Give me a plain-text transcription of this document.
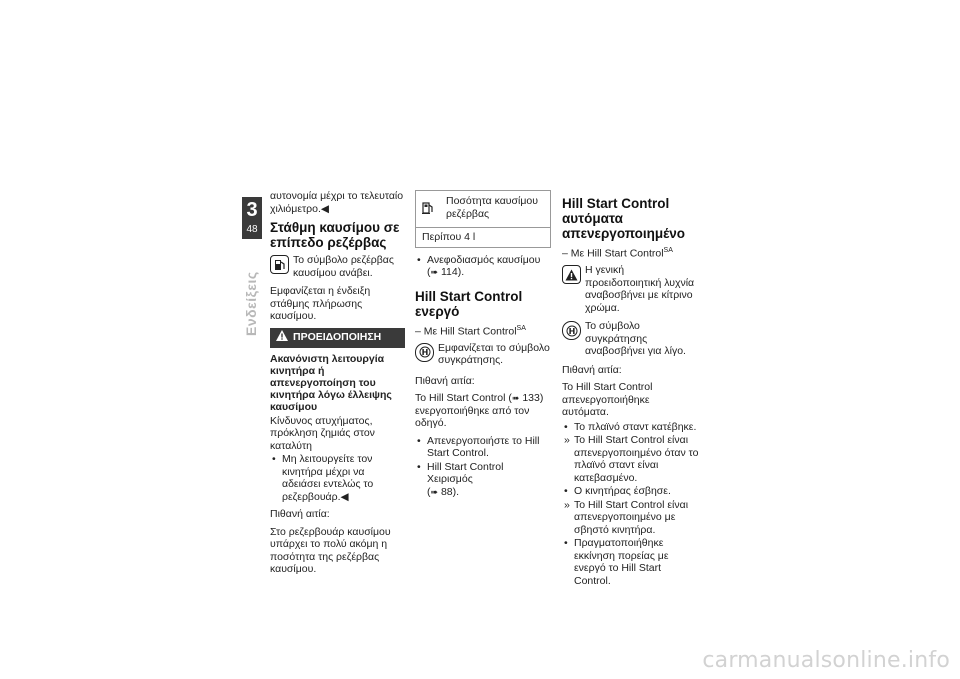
3
48
Ενδείξεις

αυτονομία μέχρι το τελευταίο χιλιόμετρο.◀

Στάθμη καυσίμου σε επίπεδο ρεζέρβας
Το σύμβολο ρεζέρβας καυσίμου ανάβει.

Εμφανίζεται η ένδειξη στάθμης πλήρωσης καυσίμου.

ΠΡΟΕΙΔΟΠΟΙΗΣΗ

Ακανόνιστη λειτουργία κινητήρα ή απενεργοποίηση του κινητήρα λόγω έλλειψης καυσίμου

Κίνδυνος ατυχήματος, πρόκληση ζημιάς στον καταλύτη

• Μη λειτουργείτε τον κινητήρα μέχρι να αδειάσει εντελώς το ρεζερβουάρ.◀

Πιθανή αιτία:

Στο ρεζερβουάρ καυσίμου υπάρχει το πολύ ακόμη η ποσότητα της ρεζέρβας καυσίμου.

Ποσότητα καυσίμου ρεζέρβας
Περίπου 4 l
• Ανεφοδιασμός καυσίμου
(➠ 114).
Hill Start Control ενεργό

– Με Hill Start Control$^{SA}$

H Εμφανίζεται το σύμβολο συγκράτησης.

Πιθανή αιτία:

Το Hill Start Control (➠ 133) ενεργοποιήθηκε από τον οδηγό.

• Απενεργοποιήστε το Hill Start Control.
• Hill Start Control Χειρισμός
(➠ 88).
Hill Start Control αυτόματα απενεργοποιημένο

– Με Hill Start Control$^{SA}$

Η γενική προειδοποιητική λυχνία αναβοσβήνει με κίτρινο χρώμα.
H Το σύμβολο συγκράτησης αναβοσβήνει για λίγο.

Πιθανή αιτία:

Το Hill Start Control απενεργοποιήθηκε αυτόματα.

• Το πλαϊνό σταντ κατέβηκε.
» Το Hill Start Control είναι απενεργοποιημένο όταν το πλαϊνό σταντ είναι κατεβασμένο.
• Ο κινητήρας έσβησε.
» Το Hill Start Control είναι απενεργοποιημένο με σβηστό κινητήρα.
• Πραγματοποιήθηκε εκκίνηση πορείας με ενεργό το Hill Start Control.
carmanualsonline.info
